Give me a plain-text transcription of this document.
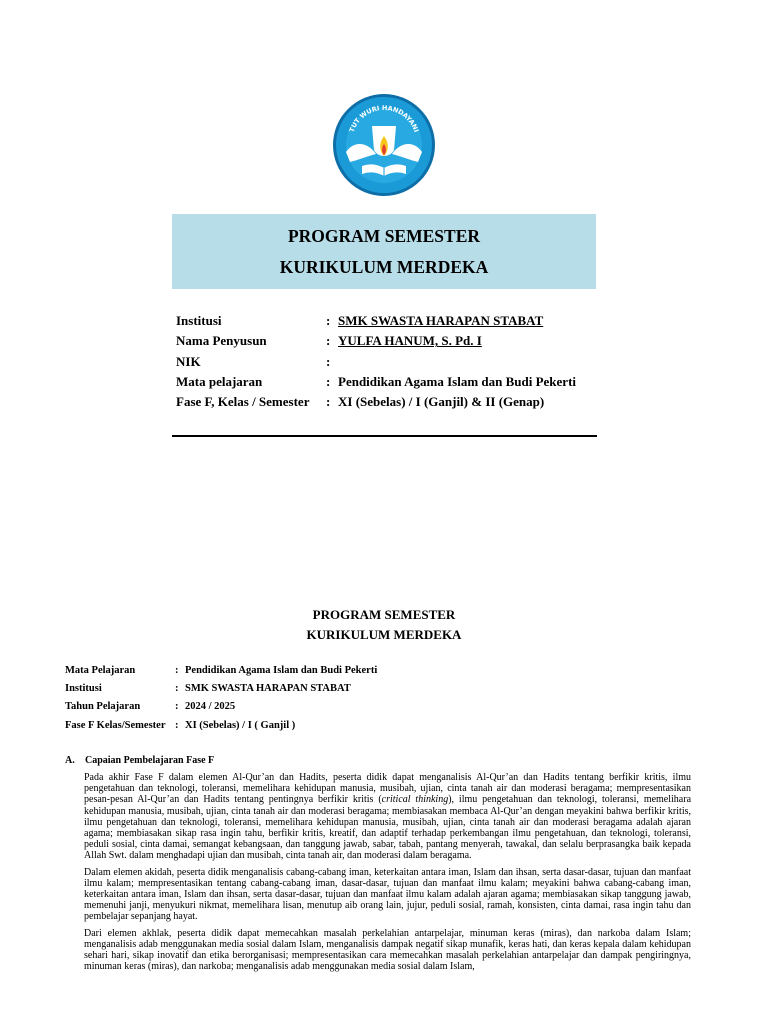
TUT WURI HANDAYANI
PROGRAM SEMESTER
KURIKULUM MERDEKA
Institusi	: SMK SWASTA HARAPAN STABAT
Nama Penyusun	: YULFA HANUM, S. Pd. I
NIK	:
Mata pelajaran	: Pendidikan Agama Islam dan Budi Pekerti
Fase F, Kelas / Semester : XI (Sebelas) / I (Ganjil) & II (Genap)
PROGRAM SEMESTER
KURIKULUM MERDEKA
Mata Pelajaran	: Pendidikan Agama Islam dan Budi Pekerti
Institusi	: SMK SWASTA HARAPAN STABAT
Tahun Pelajaran	: 2024 / 2025
Fase F Kelas/Semester : XI (Sebelas) / I ( Ganjil )
A. Capaian Pembelajaran Fase F

Pada akhir Fase F dalam elemen Al-Qur’an dan Hadits, peserta didik dapat menganalisis Al-Qur’an dan Hadits tentang berfikir kritis, ilmu pengetahuan dan teknologi, toleransi, memelihara kehidupan manusia, musibah, ujian, cinta tanah air dan moderasi beragama; mempresentasikan pesan-pesan Al-Qur’an dan Hadits tentang pentingnya berfikir kritis (critical thinking), ilmu pengetahuan dan teknologi, toleransi, memelihara kehidupan manusia, musibah, ujian, cinta tanah air dan moderasi beragama; membiasakan membaca Al-Qur’an dengan meyakini bahwa berfikir kritis, ilmu pengetahuan dan teknologi, toleransi, memelihara kehidupan manusia, musibah, ujian, cinta tanah air dan moderasi beragama adalah ajaran agama; membiasakan sikap rasa ingin tahu, berfikir kritis, kreatif, dan adaptif terhadap perkembangan ilmu pengetahuan, dan teknologi, toleransi, peduli sosial, cinta damai, semangat kebangsaan, dan tanggung jawab, sabar, tabah, pantang menyerah, tawakal, dan selalu berprasangka baik kepada Allah Swt. dalam menghadapi ujian dan musibah, cinta tanah air, dan moderasi dalam beragama.

Dalam elemen akidah, peserta didik menganalisis cabang-cabang iman, keterkaitan antara iman, Islam dan ihsan, serta dasar-dasar, tujuan dan manfaat ilmu kalam; mempresentasikan tentang cabang-cabang iman, dasar-dasar, tujuan dan manfaat ilmu kalam; meyakini bahwa cabang-cabang iman, keterkaitan antara iman, Islam dan ihsan, serta dasar-dasar, tujuan dan manfaat ilmu kalam adalah ajaran agama; membiasakan sikap tanggung jawab, memenuhi janji, menyukuri nikmat, memelihara lisan, menutup aib orang lain, jujur, peduli sosial, ramah, konsisten, cinta damai, rasa ingin tahu dan pembelajar sepanjang hayat.

Dari elemen akhlak, peserta didik dapat memecahkan masalah perkelahian antarpelajar, minuman keras (miras), dan narkoba dalam Islam; menganalisis adab menggunakan media sosial dalam Islam, menganalisis dampak negatif sikap munafik, keras hati, dan keras kepala dalam kehidupan sehari hari, sikap inovatif dan etika berorganisasi; mempresentasikan cara memecahkan masalah perkelahian antarpelajar dan dampak pengiringnya, minuman keras (miras), dan narkoba; menganalisis adab menggunakan media sosial dalam Islam,
